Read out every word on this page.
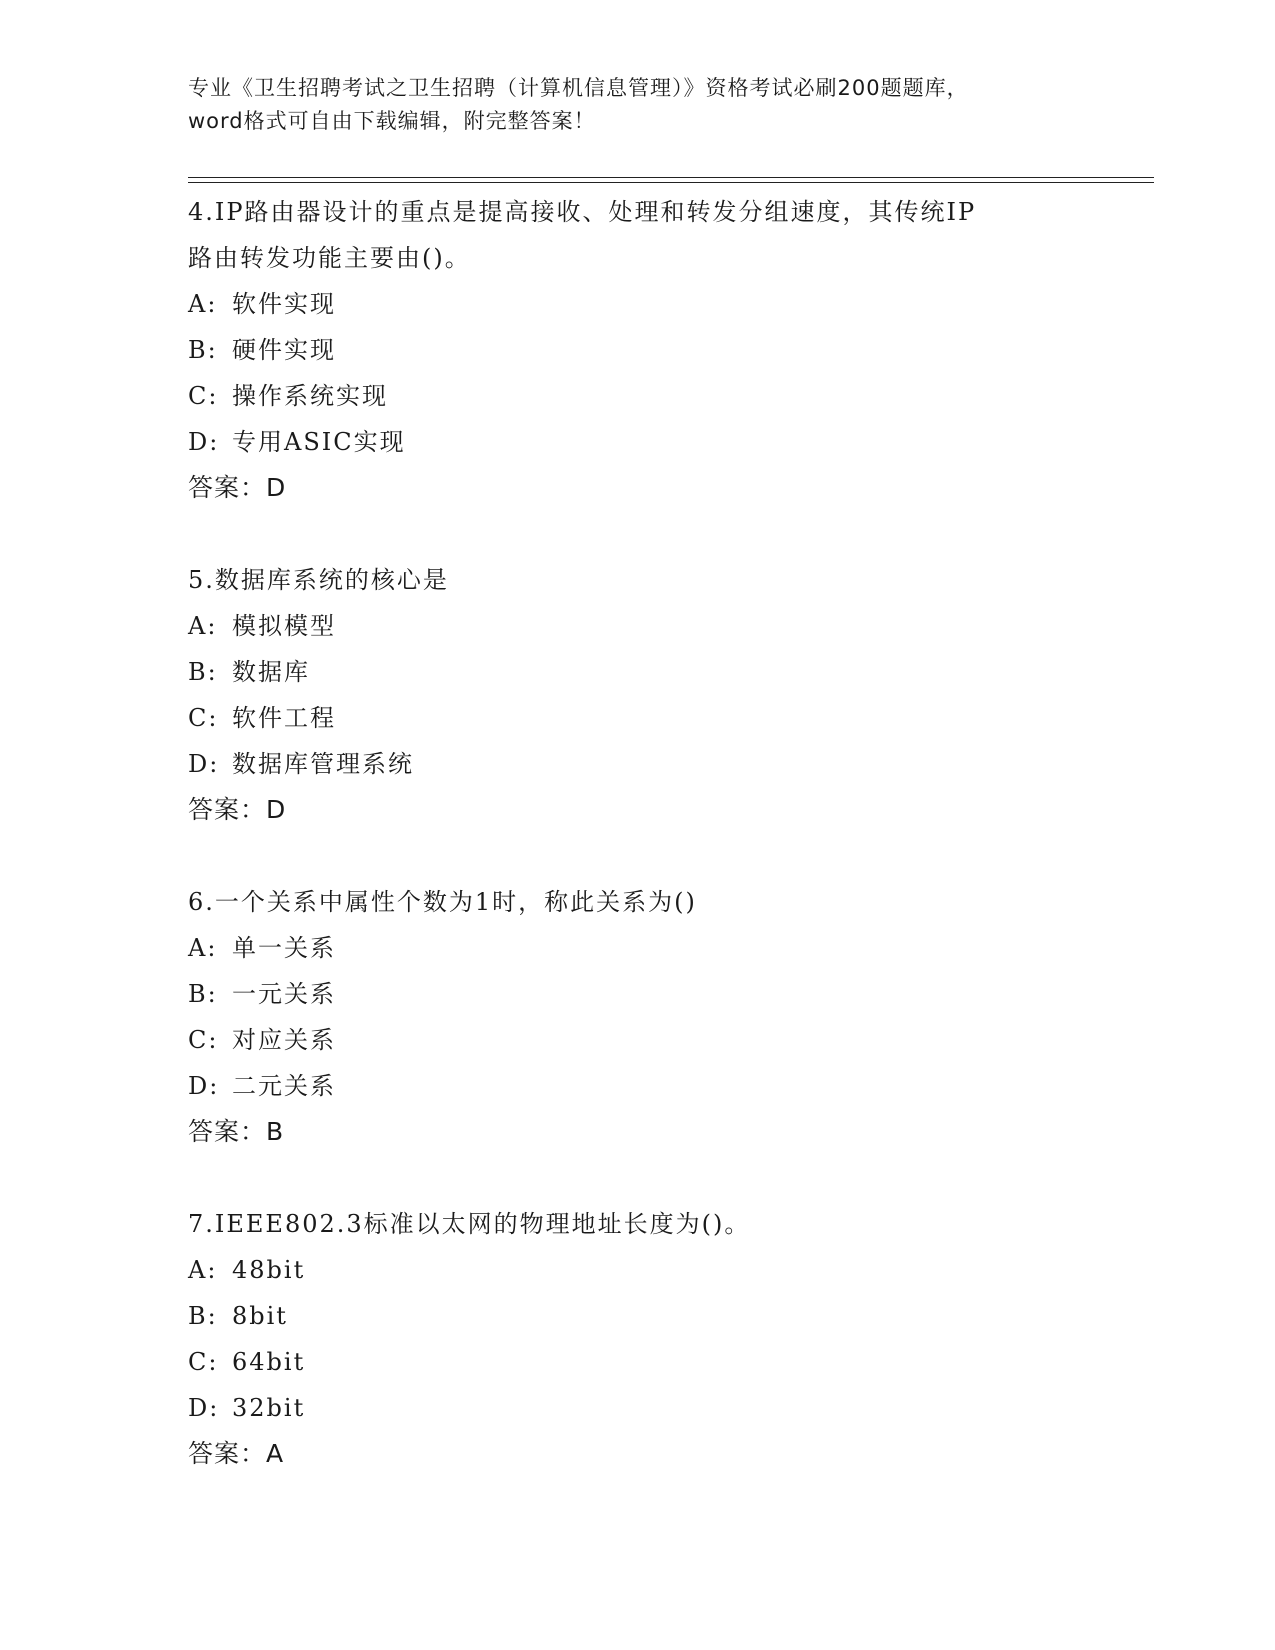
专业《卫生招聘考试之卫生招聘（计算机信息管理）》资格考试必刷200题题库，
word格式可自由下载编辑，附完整答案！

4.IP路由器设计的重点是提高接收、处理和转发分组速度，其传统IP

路由转发功能主要由()。

A: 软件实现

B: 硬件实现

C: 操作系统实现

D: 专用ASIC实现

答案：D

5.数据库系统的核心是

A: 模拟模型

B: 数据库

C: 软件工程

D: 数据库管理系统

答案：D

6.一个关系中属性个数为1时，称此关系为()

A: 单一关系

B: 一元关系

C: 对应关系

D: 二元关系

答案：B

7.IEEE802.3标准以太网的物理地址长度为()。

A: 48bit

B: 8bit

C: 64bit

D: 32bit

答案：A
